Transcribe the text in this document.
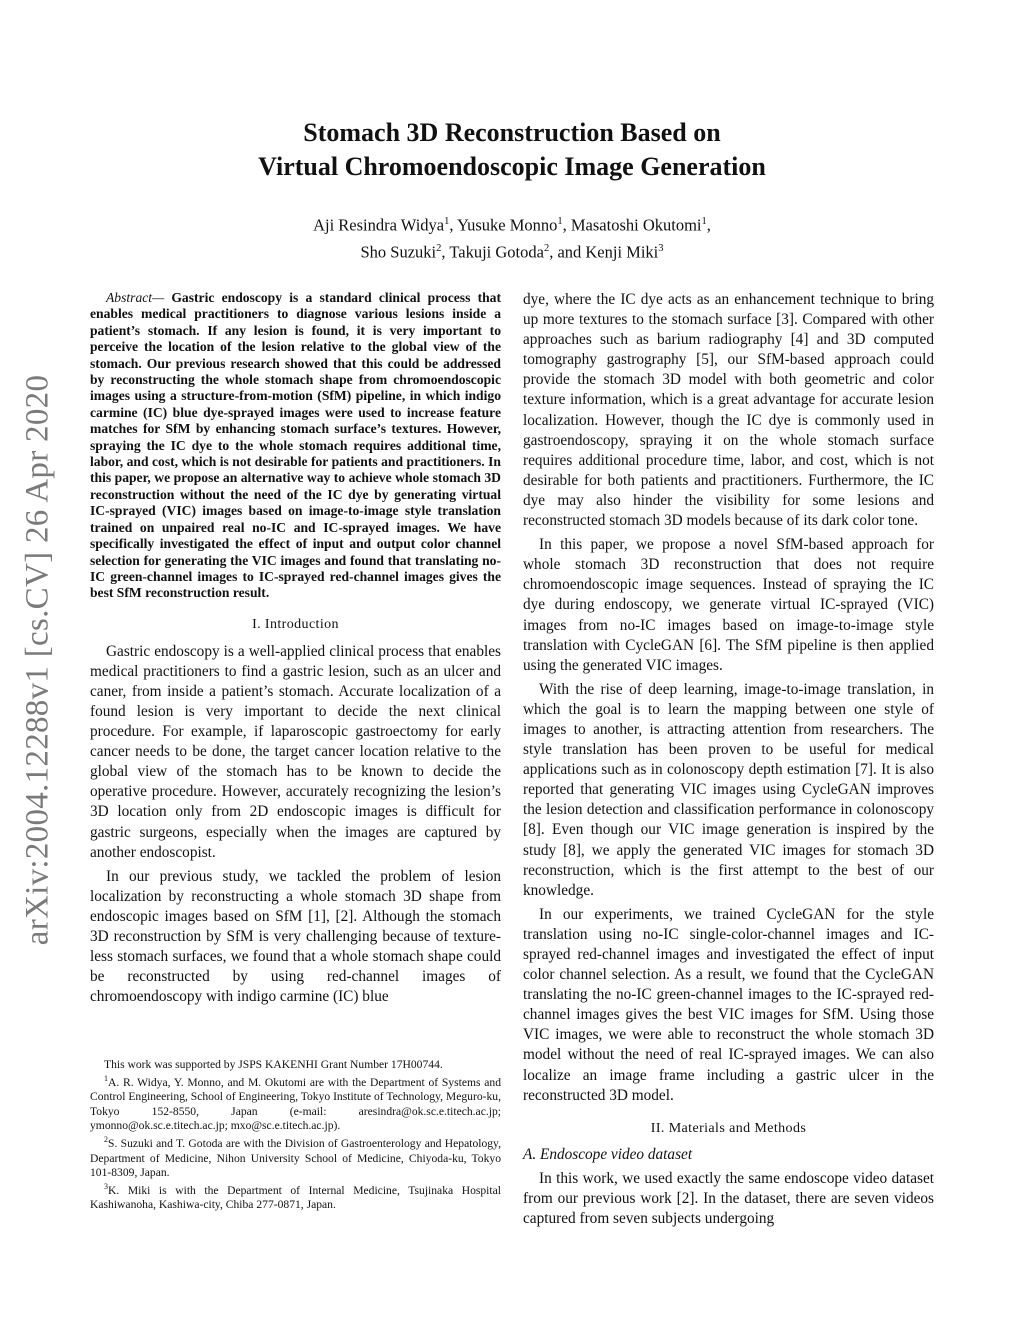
arXiv:2004.12288v1 [cs.CV] 26 Apr 2020
Stomach 3D Reconstruction Based on
Virtual Chromoendoscopic Image Generation
Aji Resindra Widya$^1$, Yusuke Monno$^1$, Masatoshi Okutomi$^1$,
Sho Suzuki$^2$, Takuji Gotoda$^2$, and Kenji Miki$^3$

Abstract— Gastric endoscopy is a standard clinical process that enables medical practitioners to diagnose various lesions inside a patient’s stomach. If any lesion is found, it is very important to perceive the location of the lesion relative to the global view of the stomach. Our previous research showed that this could be addressed by reconstructing the whole stomach shape from chromoendoscopic images using a structure-from-motion (SfM) pipeline, in which indigo carmine (IC) blue dye-sprayed images were used to increase feature matches for SfM by enhancing stomach surface’s textures. However, spraying the IC dye to the whole stomach requires additional time, labor, and cost, which is not desirable for patients and practitioners. In this paper, we propose an alternative way to achieve whole stomach 3D reconstruction without the need of the IC dye by generating virtual IC-sprayed (VIC) images based on image-to-image style translation trained on unpaired real no-IC and IC-sprayed images. We have specifically investigated the effect of input and output color channel selection for generating the VIC images and found that translating no-IC green-channel images to IC-sprayed red-channel images gives the best SfM reconstruction result.

I. Introduction

Gastric endoscopy is a well-applied clinical process that enables medical practitioners to find a gastric lesion, such as an ulcer and caner, from inside a patient’s stomach. Accurate localization of a found lesion is very important to decide the next clinical procedure. For example, if laparoscopic gastroectomy for early cancer needs to be done, the target cancer location relative to the global view of the stomach has to be known to decide the operative procedure. However, accurately recognizing the lesion’s 3D location only from 2D endoscopic images is difficult for gastric surgeons, especially when the images are captured by another endoscopist.

In our previous study, we tackled the problem of lesion localization by reconstructing a whole stomach 3D shape from endoscopic images based on SfM [1], [2]. Although the stomach 3D reconstruction by SfM is very challenging because of texture-less stomach surfaces, we found that a whole stomach shape could be reconstructed by using red-channel images of chromoendoscopy with indigo carmine (IC) blue

This work was supported by JSPS KAKENHI Grant Number 17H00744.

$^1$A. R. Widya, Y. Monno, and M. Okutomi are with the Department of Systems and Control Engineering, School of Engineering, Tokyo Institute of Technology, Meguro-ku, Tokyo 152-8550, Japan (e-mail: aresindra@ok.sc.e.titech.ac.jp; ymonno@ok.sc.e.titech.ac.jp; mxo@sc.e.titech.ac.jp).

$^2$S. Suzuki and T. Gotoda are with the Division of Gastroenterology and Hepatology, Department of Medicine, Nihon University School of Medicine, Chiyoda-ku, Tokyo 101-8309, Japan.

$^3$K. Miki is with the Department of Internal Medicine, Tsujinaka Hospital Kashiwanoha, Kashiwa-city, Chiba 277-0871, Japan.

dye, where the IC dye acts as an enhancement technique to bring up more textures to the stomach surface [3]. Compared with other approaches such as barium radiography [4] and 3D computed tomography gastrography [5], our SfM-based approach could provide the stomach 3D model with both geometric and color texture information, which is a great advantage for accurate lesion localization. However, though the IC dye is commonly used in gastroendoscopy, spraying it on the whole stomach surface requires additional procedure time, labor, and cost, which is not desirable for both patients and practitioners. Furthermore, the IC dye may also hinder the visibility for some lesions and reconstructed stomach 3D models because of its dark color tone.

In this paper, we propose a novel SfM-based approach for whole stomach 3D reconstruction that does not require chromoendoscopic image sequences. Instead of spraying the IC dye during endoscopy, we generate virtual IC-sprayed (VIC) images from no-IC images based on image-to-image style translation with CycleGAN [6]. The SfM pipeline is then applied using the generated VIC images.

With the rise of deep learning, image-to-image translation, in which the goal is to learn the mapping between one style of images to another, is attracting attention from researchers. The style translation has been proven to be useful for medical applications such as in colonoscopy depth estimation [7]. It is also reported that generating VIC images using CycleGAN improves the lesion detection and classification performance in colonoscopy [8]. Even though our VIC image generation is inspired by the study [8], we apply the generated VIC images for stomach 3D reconstruction, which is the first attempt to the best of our knowledge.

In our experiments, we trained CycleGAN for the style translation using no-IC single-color-channel images and IC-sprayed red-channel images and investigated the effect of input color channel selection. As a result, we found that the CycleGAN translating the no-IC green-channel images to the IC-sprayed red-channel images gives the best VIC images for SfM. Using those VIC images, we were able to reconstruct the whole stomach 3D model without the need of real IC-sprayed images. We can also localize an image frame including a gastric ulcer in the reconstructed 3D model.

II. Materials and Methods
A. Endoscope video dataset

In this work, we used exactly the same endoscope video dataset from our previous work [2]. In the dataset, there are seven videos captured from seven subjects undergoing
